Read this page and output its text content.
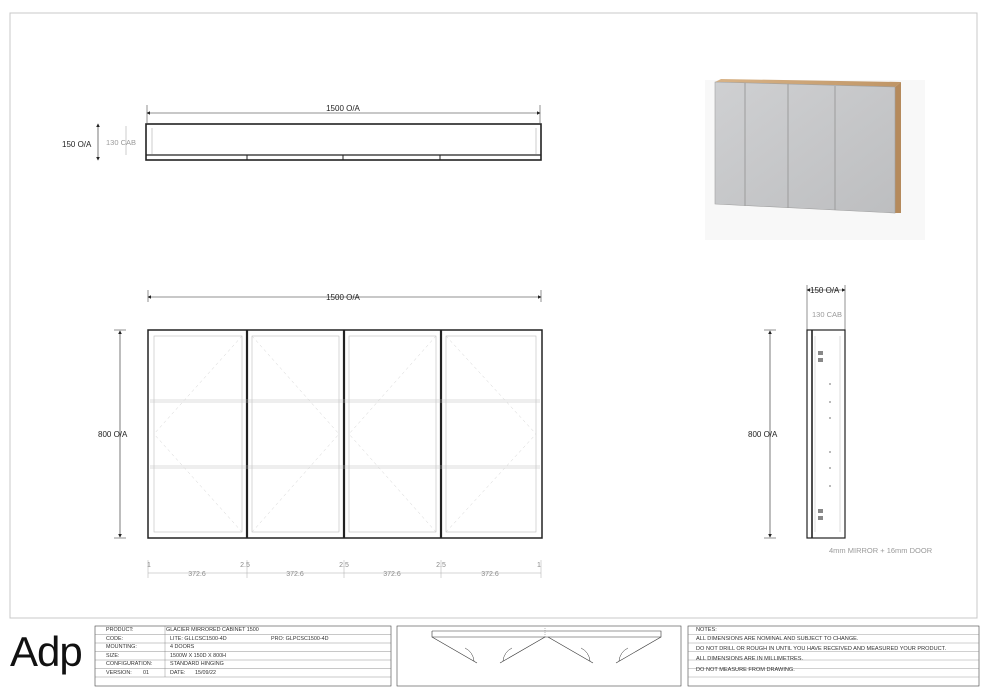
1500 O/A
150 O/A 130 CAB
1500 O/A
800 O/A
1
372.6
2.5
372.6
2.5
372.6
2.5
372.6
1
150 O/A
130 CAB
800 O/A
4mm MIRROR + 16mm DOOR
Adp	PRODUCT:	GLACIER MIRRORED CABINET 1500
CODE:	LITE: GLLCSC1500-4D	PRO: GLPCSC1500-4D
MOUNTING:	4 DOORS
SIZE:	1500W X 150D X 800H
CONFIGURATION:	STANDARD HINGING
VERSION: 01	DATE: 15/09/22
NOTES:
ALL DIMENSIONS ARE NOMINAL AND SUBJECT TO CHANGE.
DO NOT DRILL OR ROUGH IN UNTIL YOU HAVE RECEIVED AND MEASURED YOUR PRODUCT.
ALL DIMENSIONS ARE IN MILLIMETRES.
DO NOT MEASURE FROM DRAWING.
